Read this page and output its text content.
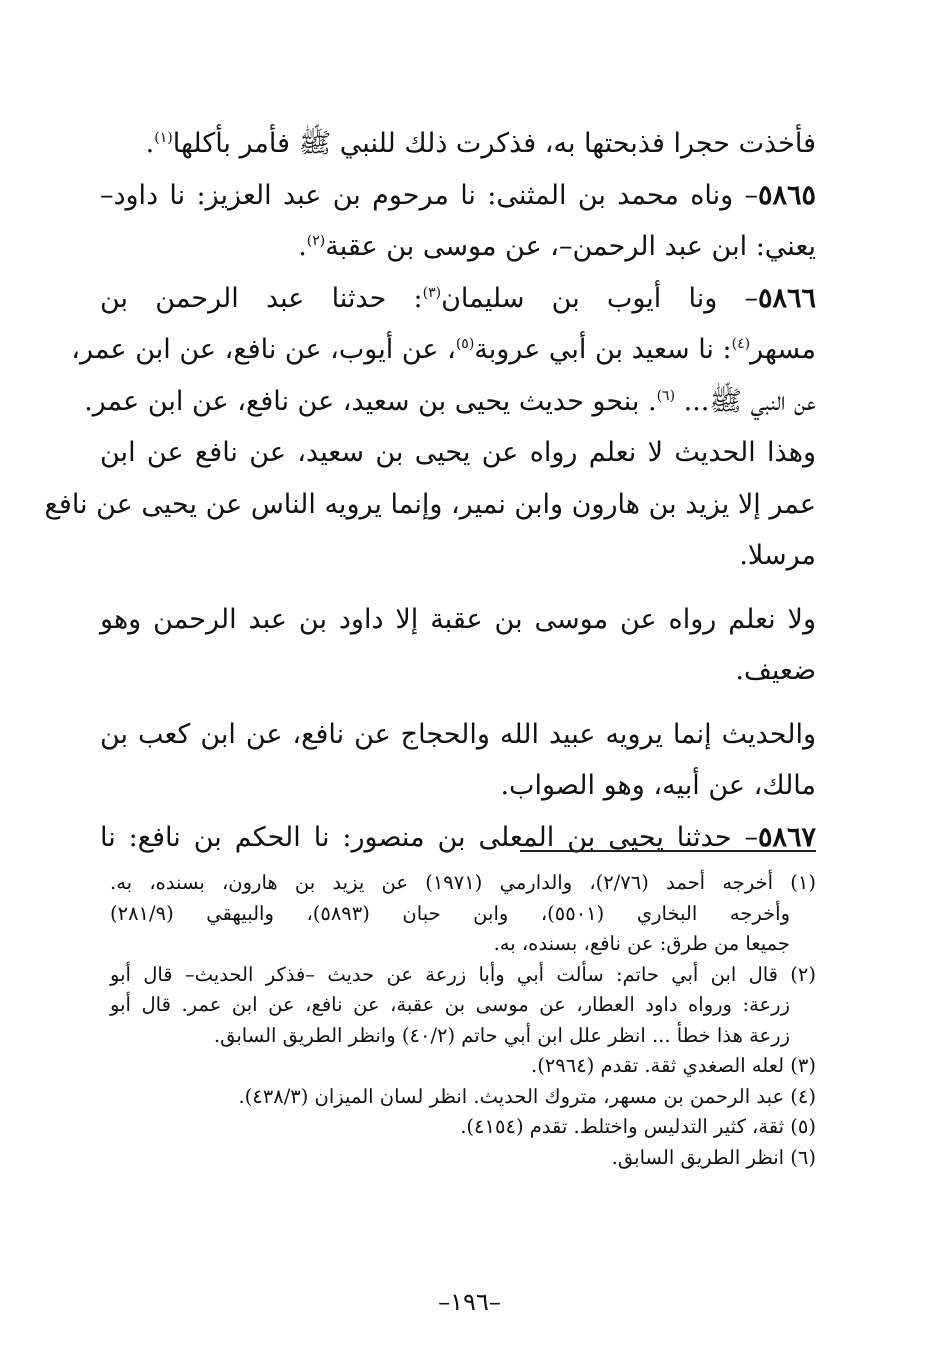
فأخذت حجرا فذبحتها به، فذكرت ذلك للنبي ﷺ فأمر بأكلها$^{(١)}$.
٥٨٦٥– وناه محمد بن المثنى: نا مرحوم بن عبد العزيز: نا داود–
يعني: ابن عبد الرحمن–، عن موسى بن عقبة$^{(٢)}$.
٥٨٦٦– ونا أيوب بن سليمان$^{(٣)}$: حدثنا عبد الرحمن بن
مسهر$^{(٤)}$: نا سعيد بن أبي عروبة$^{(٥)}$، عن أيوب، عن نافع، عن ابن عمر،
عن النبي ﷺ... $^{(٦)}$. بنحو حديث يحيى بن سعيد، عن نافع، عن ابن عمر.
وهذا الحديث لا نعلم رواه عن يحيى بن سعيد، عن نافع عن ابن
عمر إلا يزيد بن هارون وابن نمير، وإنما يرويه الناس عن يحيى عن نافع
مرسلا.
ولا نعلم رواه عن موسى بن عقبة إلا داود بن عبد الرحمن وهو
ضعيف.
والحديث إنما يرويه عبيد الله والحجاج عن نافع، عن ابن كعب بن
مالك، عن أبيه، وهو الصواب.
٥٨٦٧– حدثنا يحيى بن المعلى بن منصور: نا الحكم بن نافع: نا
(١) أخرجه أحمد (٢/٧٦)، والدارمي (١٩٧١) عن يزيد بن هارون، بسنده، به.
وأخرجه البخاري (٥٥٠١)، وابن حبان (٥٨٩٣)، والبيهقي (٢٨١/٩)
جميعا من طرق: عن نافع، بسنده، به.
(٢) قال ابن أبي حاتم: سألت أبي وأبا زرعة عن حديث –فذكر الحديث– قال أبو
زرعة: ورواه داود العطار، عن موسى بن عقبة، عن نافع، عن ابن عمر. قال أبو
زرعة هذا خطأ ... انظر علل ابن أبي حاتم (٤٠/٢) وانظر الطريق السابق.
(٣) لعله الصغدي ثقة. تقدم (٢٩٦٤).
(٤) عبد الرحمن بن مسهر، متروك الحديث. انظر لسان الميزان (٤٣٨/٣).
(٥) ثقة، كثير التدليس واختلط. تقدم (٤١٥٤).
(٦) انظر الطريق السابق.
–١٩٦–
